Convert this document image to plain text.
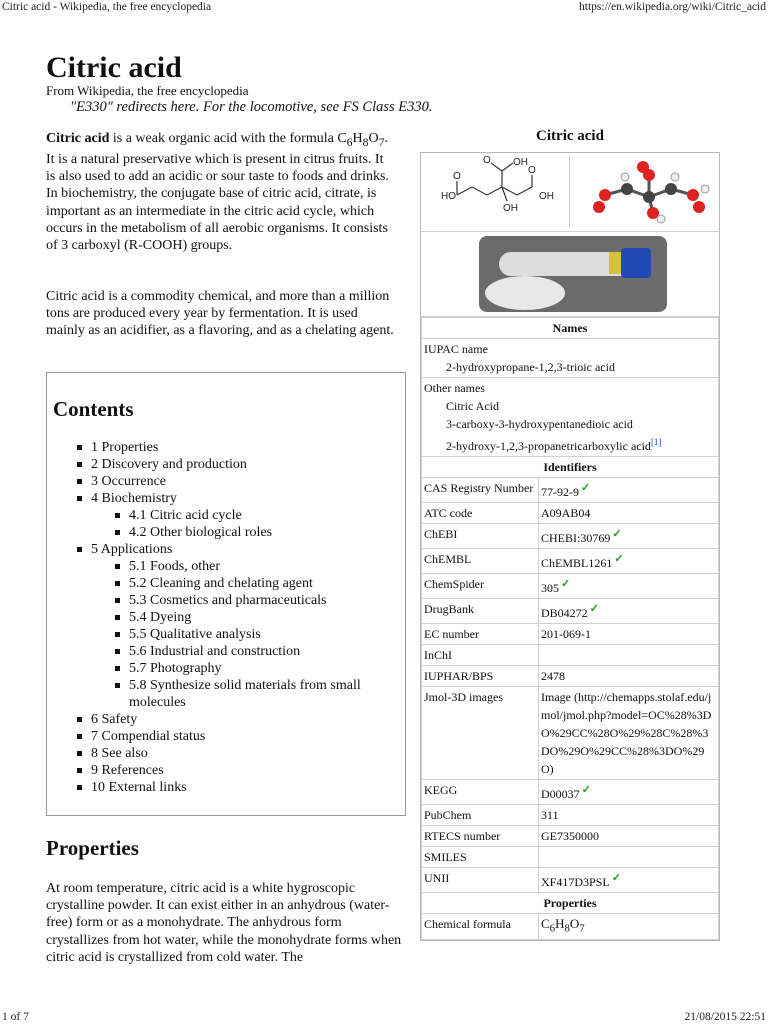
Citric acid - Wikipedia, the free encyclopedia	https://en.wikipedia.org/wiki/Citric_acid
Citric acid
From Wikipedia, the free encyclopedia
"E330" redirects here. For the locomotive, see FS Class E330.
Citric acid is a weak organic acid with the formula $C_6H_8O_7$. It is a natural preservative which is present in citrus fruits. It is also used to add an acidic or sour taste to foods and drinks. In biochemistry, the conjugate base of citric acid, citrate, is important as an intermediate in the citric acid cycle, which occurs in the metabolism of all aerobic organisms. It consists of 3 carboxyl (R-COOH) groups.
Citric acid is a commodity chemical, and more than a million tons are produced every year by fermentation. It is used mainly as an acidifier, as a flavoring, and as a chelating agent.
Contents
1 Properties
2 Discovery and production
3 Occurrence
4 Biochemistry
4.1 Citric acid cycle
4.2 Other biological roles
5 Applications
5.1 Foods, other
5.2 Cleaning and chelating agent
5.3 Cosmetics and pharmaceuticals
5.4 Dyeing
5.5 Qualitative analysis
5.6 Industrial and construction
5.7 Photography
5.8 Synthesize solid materials from small molecules
6 Safety
7 Compendial status
8 See also
9 References
10 External links
Properties
At room temperature, citric acid is a white hygroscopic crystalline powder. It can exist either in an anhydrous (water-free) form or as a monohydrate. The anhydrous form crystallizes from hot water, while the monohydrate forms when citric acid is crystallized from cold water. The
Citric acid
O OH
HO
O
OH
O
OH
Names	
IUPAC name
2-hydroxypropane-1,2,3-trioic acid	

Other names
Citric Acid
3-carboxy-3-hydroxypentanedioic acid
2-hydroxy-1,2,3-propanetricarboxylic acid[1]

Identifiers	
CAS Registry Number	77-92-9 ✓
ATC code	A09AB04
ChEBI	CHEBI:30769 ✓
ChEMBL	ChEMBL1261 ✓
ChemSpider	305 ✓
DrugBank	DB04272 ✓
EC number	201-069-1
InChI	
IUPHAR/BPS	2478
Jmol-3D images	Image (http://chemapps.stolaf.edu/jmol/jmol.php?model=OC%28%3DO%29CC%28O%29%28C%28%3DO%29O%29CC%28%3DO%29O)
KEGG	D00037 ✓
PubChem	311
RTECS number	GE7350000
SMILES	
UNII	XF417D3PSL ✓
Properties	
Chemical formula	$C_6H_8O_7$
1 of 7	21/08/2015 22:51
